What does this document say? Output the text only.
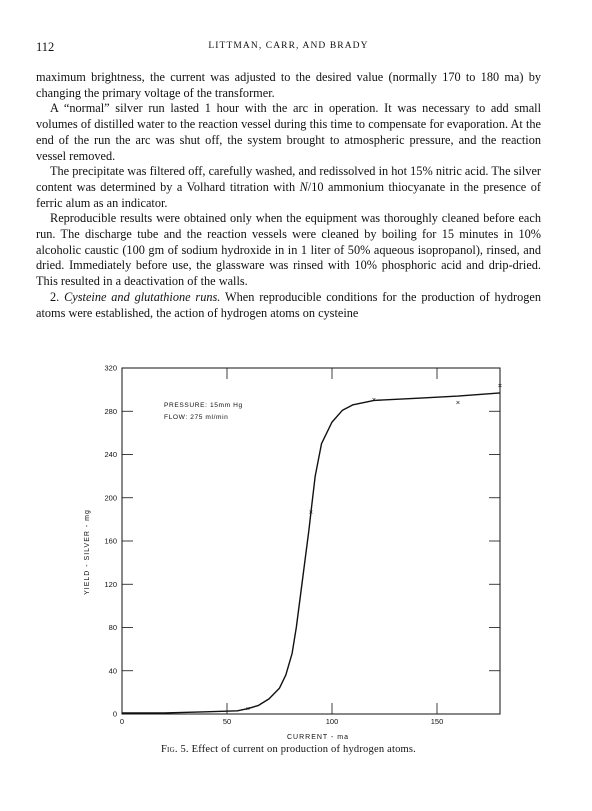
112	LITTMAN, CARR, AND BRADY

maximum brightness, the current was adjusted to the desired value (normally 170 to 180 ma) by changing the primary voltage of the transformer.

A “normal” silver run lasted 1 hour with the arc in operation. It was necessary to add small volumes of distilled water to the reaction vessel during this time to compensate for evaporation. At the end of the run the arc was shut off, the system brought to atmospheric pressure, and the reaction vessel removed.

The precipitate was filtered off, carefully washed, and redissolved in hot 15% nitric acid. The silver content was determined by a Volhard titration with N/10 ammonium thiocyanate in the presence of ferric alum as an indicator.

Reproducible results were obtained only when the equipment was thoroughly cleaned before each run. The discharge tube and the reaction vessels were cleaned by boiling for 15 minutes in 10% alcoholic caustic (100 gm of sodium hydroxide in in 1 liter of 50% aqueous isopropanol), rinsed, and dried. Immediately before use, the glassware was rinsed with 10% phosphoric acid and drip-dried. This resulted in a deactivation of the walls.

2. Cysteine and glutathione runs. When reproducible conditions for the production of hydrogen atoms were established, the action of hydrogen atoms on cysteine

PRESSURE: 15mm Hg
FLOW: 275 ml/min
YIELD - SILVER - mg
CURRENT - ma
0
40
80
120
160
200
240
280
320
0	50	100	150
×
×
×	×
×
Fig. 5. Effect of current on production of hydrogen atoms.
